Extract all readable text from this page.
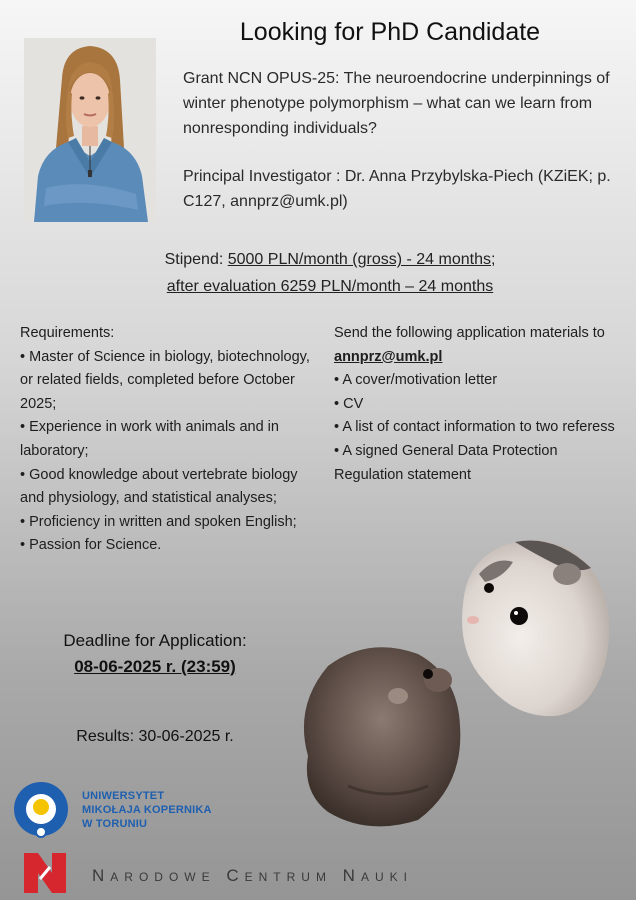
Looking for PhD Candidate
Grant NCN OPUS-25: The neuroendocrine underpinnings of winter phenotype polymorphism – what can we learn from nonresponding individuals?
Principal Investigator : Dr. Anna Przybylska-Piech (KZiEK; p. C127, annprz@umk.pl)
Stipend: 5000 PLN/month (gross) - 24 months;
after evaluation 6259 PLN/month – 24 months
Requirements:
• Master of Science in biology, biotechnology, or related fields, completed before October 2025;
• Experience in work with animals and in laboratory;
• Good knowledge about vertebrate biology and physiology, and statistical analyses;
• Proficiency in written and spoken English;
• Passion for Science.
Send the following application materials to annprz@umk.pl
• A cover/motivation letter
• CV
• A list of contact information to two referess
• A signed General Data Protection Regulation statement
Deadline for Application:
08-06-2025 r. (23:59)
Results: 30-06-2025 r.
UNIWERSYTET
MIKOŁAJA KOPERNIKA
W TORUNIU
Narodowe Centrum Nauki
